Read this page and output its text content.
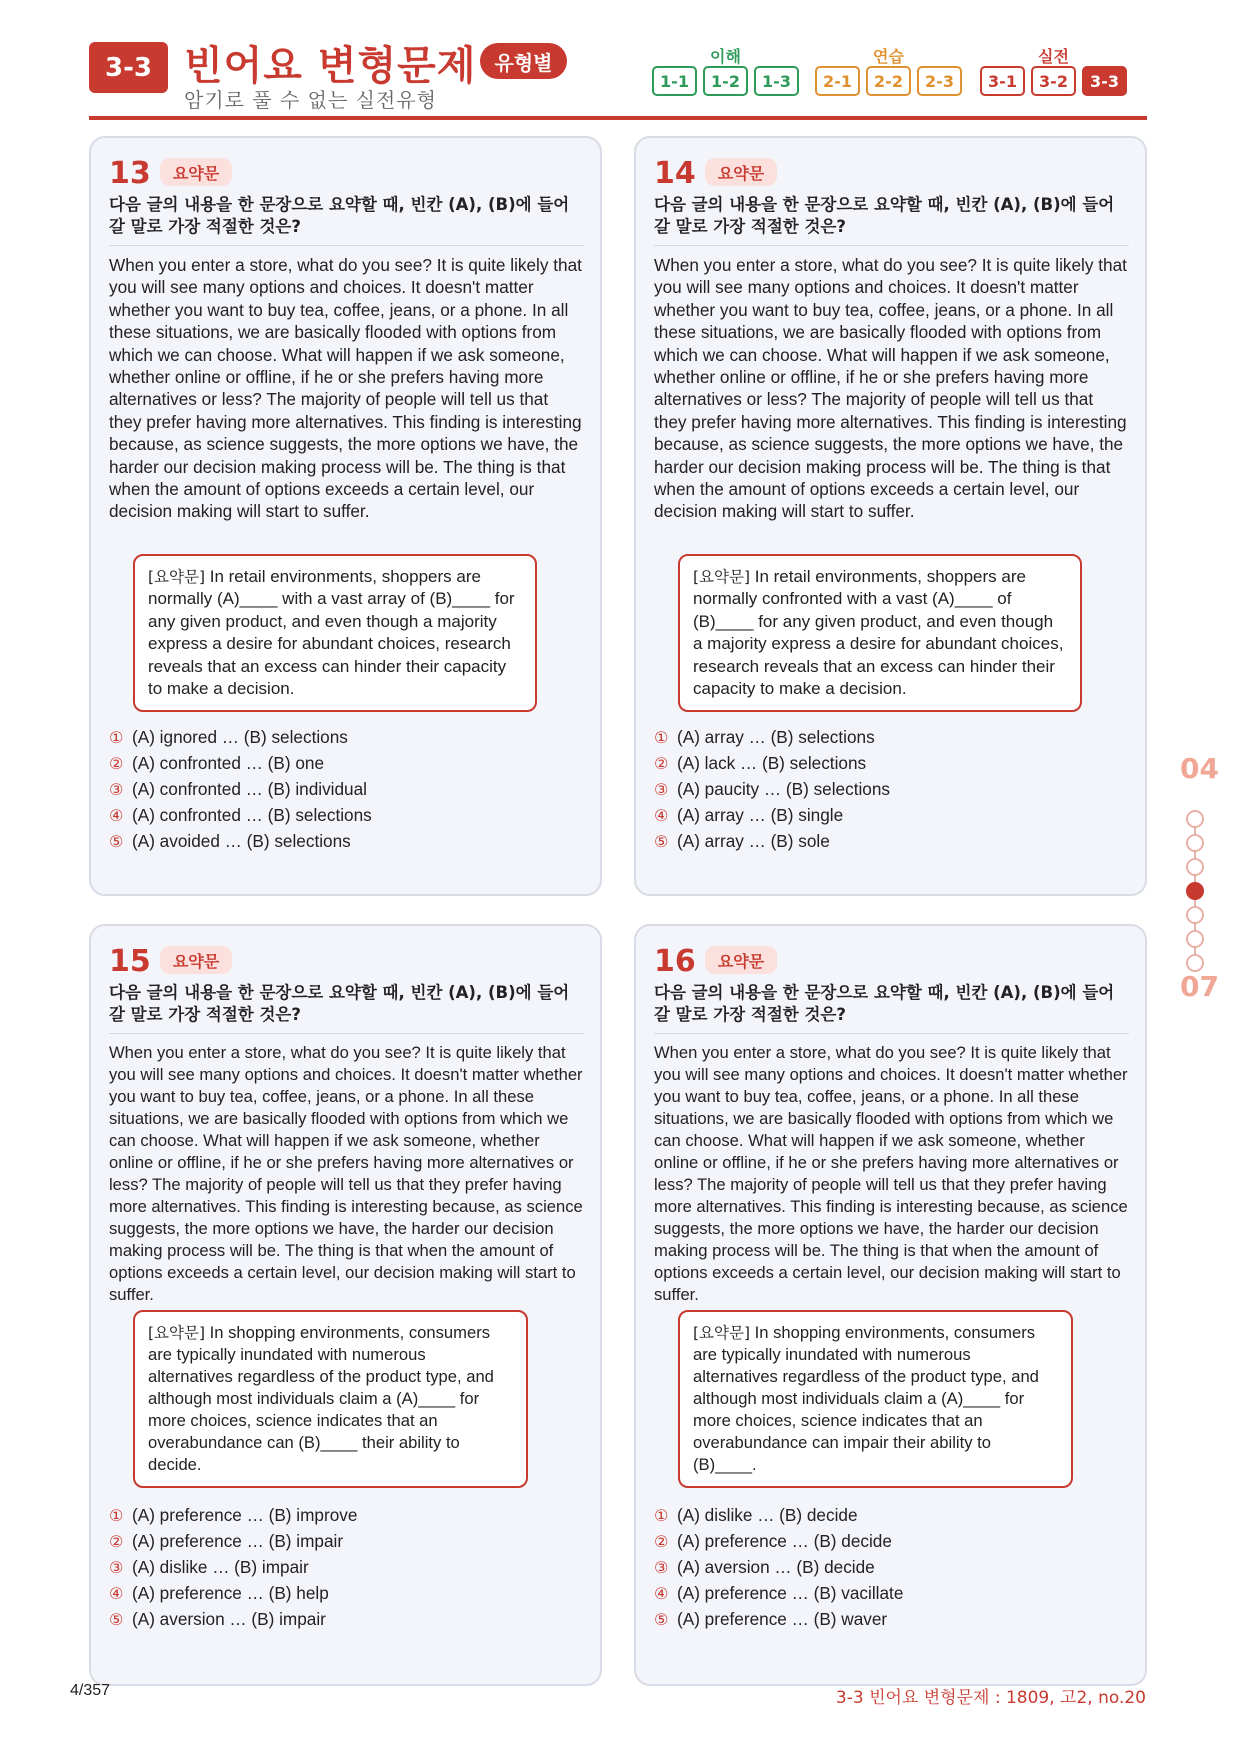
3-3 빈어요 변형문제 유형별
암기로 풀 수 없는 실전유형
이해
1-1	1-2	1-3
연습
2-1	2-2	2-3
실전
3-1	3-2	3-3
13	요약문
다음 글의 내용을 한 문장으로 요약할 때, 빈칸 (A), (B)에 들어갈 말로 가장 적절한 것은?
When you enter a store, what do you see? It is quite likely that you will see many options and choices. It doesn't matter whether you want to buy tea, coffee, jeans, or a phone. In all these situations, we are basically flooded with options from which we can choose. What will happen if we ask someone, whether online or offline, if he or she prefers having more alternatives or less? The majority of people will tell us that they prefer having more alternatives. This finding is interesting because, as science suggests, the more options we have, the harder our decision making process will be. The thing is that when the amount of options exceeds a certain level, our decision making will start to suffer.
[요약문] In retail environments, shoppers are normally (A)____ with a vast array of (B)____ for any given product, and even though a majority express a desire for abundant choices, research reveals that an excess can hinder their capacity to make a decision.
① (A) ignored … (B) selections
② (A) confronted … (B) one
③ (A) confronted … (B) individual
④ (A) confronted … (B) selections
⑤ (A) avoided … (B) selections
14	요약문
다음 글의 내용을 한 문장으로 요약할 때, 빈칸 (A), (B)에 들어갈 말로 가장 적절한 것은?
When you enter a store, what do you see? It is quite likely that you will see many options and choices. It doesn't matter whether you want to buy tea, coffee, jeans, or a phone. In all these situations, we are basically flooded with options from which we can choose. What will happen if we ask someone, whether online or offline, if he or she prefers having more alternatives or less? The majority of people will tell us that they prefer having more alternatives. This finding is interesting because, as science suggests, the more options we have, the harder our decision making process will be. The thing is that when the amount of options exceeds a certain level, our decision making will start to suffer.
[요약문] In retail environments, shoppers are normally confronted with a vast (A)____ of (B)____ for any given product, and even though a majority express a desire for abundant choices, research reveals that an excess can hinder their capacity to make a decision.
① (A) array … (B) selections
② (A) lack … (B) selections
③ (A) paucity … (B) selections
④ (A) array … (B) single
⑤ (A) array … (B) sole
15	요약문
다음 글의 내용을 한 문장으로 요약할 때, 빈칸 (A), (B)에 들어갈 말로 가장 적절한 것은?
When you enter a store, what do you see? It is quite likely that you will see many options and choices. It doesn't matter whether you want to buy tea, coffee, jeans, or a phone. In all these situations, we are basically flooded with options from which we can choose. What will happen if we ask someone, whether online or offline, if he or she prefers having more alternatives or less? The majority of people will tell us that they prefer having more alternatives. This finding is interesting because, as science suggests, the more options we have, the harder our decision making process will be. The thing is that when the amount of options exceeds a certain level, our decision making will start to suffer.
[요약문] In shopping environments, consumers are typically inundated with numerous alternatives regardless of the product type, and although most individuals claim a (A)____ for more choices, science indicates that an overabundance can (B)____ their ability to decide.
① (A) preference … (B) improve
② (A) preference … (B) impair
③ (A) dislike … (B) impair
④ (A) preference … (B) help
⑤ (A) aversion … (B) impair
16	요약문
다음 글의 내용을 한 문장으로 요약할 때, 빈칸 (A), (B)에 들어갈 말로 가장 적절한 것은?
When you enter a store, what do you see? It is quite likely that you will see many options and choices. It doesn't matter whether you want to buy tea, coffee, jeans, or a phone. In all these situations, we are basically flooded with options from which we can choose. What will happen if we ask someone, whether online or offline, if he or she prefers having more alternatives or less? The majority of people will tell us that they prefer having more alternatives. This finding is interesting because, as science suggests, the more options we have, the harder our decision making process will be. The thing is that when the amount of options exceeds a certain level, our decision making will start to suffer.
[요약문] In shopping environments, consumers are typically inundated with numerous alternatives regardless of the product type, and although most individuals claim a (A)____ for more choices, science indicates that an overabundance can impair their ability to (B)____.
① (A) dislike … (B) decide
② (A) preference … (B) decide
③ (A) aversion … (B) decide
④ (A) preference … (B) vacillate
⑤ (A) preference … (B) waver
04
07
4/357	3-3 빈어요 변형문제 : 1809, 고2, no.20
